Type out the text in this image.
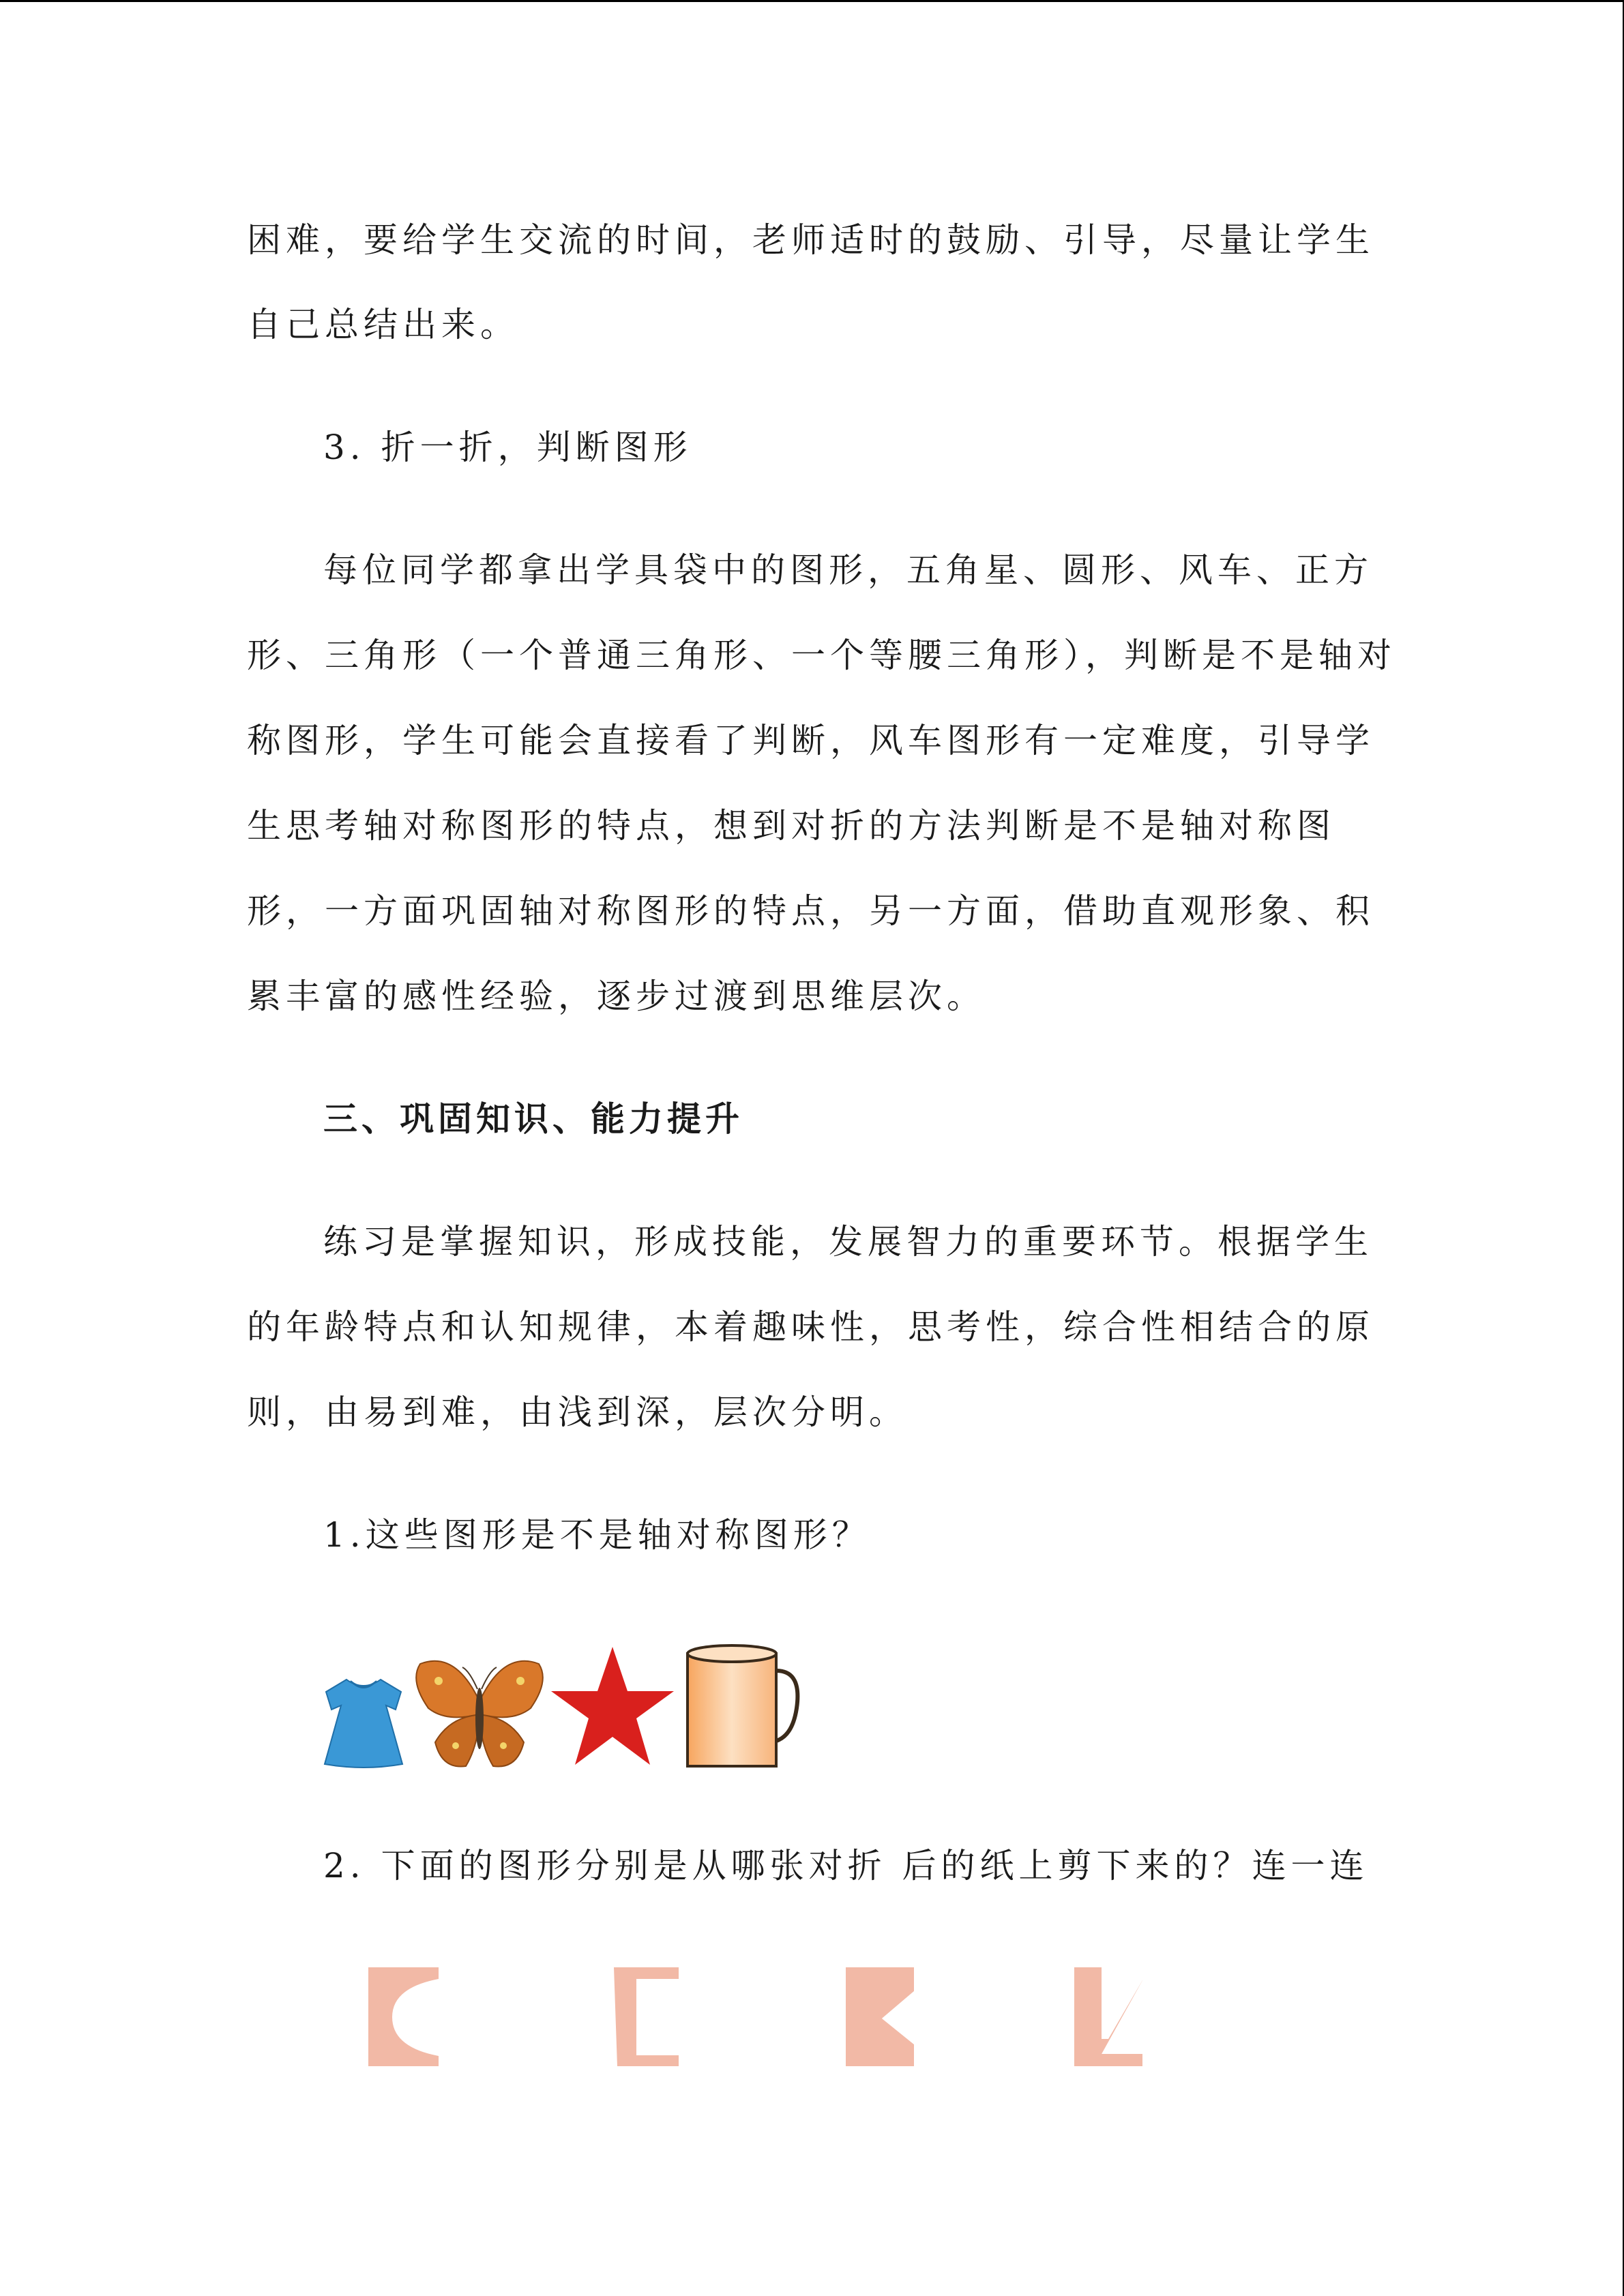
困难，要给学生交流的时间，老师适时的鼓励、引导，尽量让学生
自己总结出来。
3. 折一折，判断图形
每位同学都拿出学具袋中的图形，五角星、圆形、风车、正方
形、三角形（一个普通三角形、一个等腰三角形），判断是不是轴对
称图形，学生可能会直接看了判断，风车图形有一定难度，引导学
生思考轴对称图形的特点，想到对折的方法判断是不是轴对称图
形，一方面巩固轴对称图形的特点，另一方面，借助直观形象、积
累丰富的感性经验，逐步过渡到思维层次。
三、巩固知识、能力提升
练习是掌握知识，形成技能，发展智力的重要环节。根据学生
的年龄特点和认知规律，本着趣味性，思考性，综合性相结合的原
则，由易到难，由浅到深，层次分明。
1.这些图形是不是轴对称图形？
2. 下面的图形分别是从哪张对折 后的纸上剪下来的？连一连
